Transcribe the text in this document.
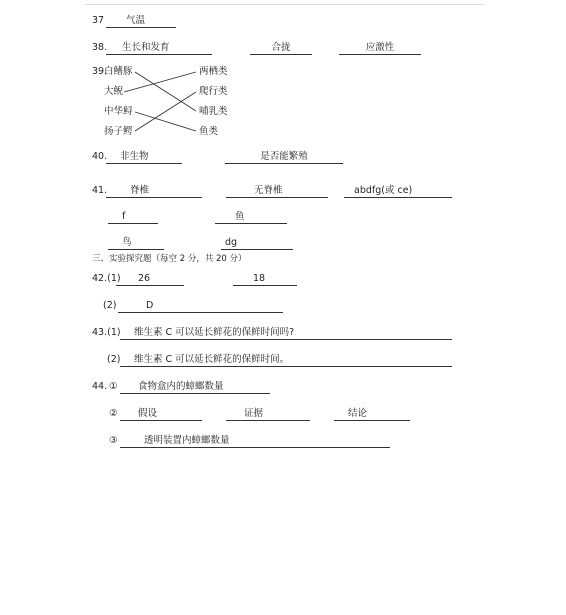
37	气温
38.	生长和发育	合拢	应激性
39.
白鳍豚
大鲵
中华鲟
扬子鳄
两栖类
爬行类
哺乳类
鱼类
40.	非生物	是否能繁殖
41.	脊椎	无脊椎	abdfg(或 ce)
f	鱼
鸟	dg
三、实验探究题（每空 2 分，共 20 分）
42.(1)	26	18
(2)	D
43.(1)	维生素 C 可以延长鲜花的保鲜时间吗?
(2)	维生素 C 可以延长鲜花的保鲜时间。
44. ①	食物盒内的蟑螂数量
②	假设	证据	结论
③	透明装置内蟑螂数量
